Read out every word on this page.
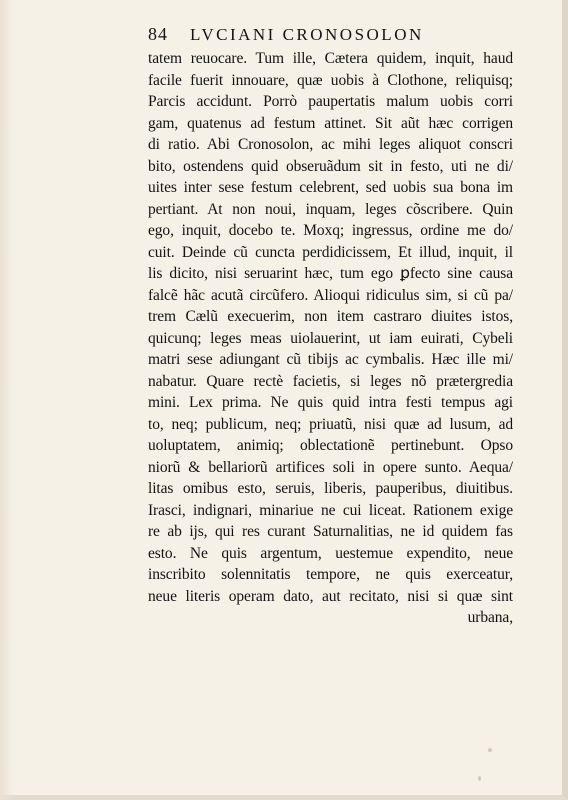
84 LVCIANI CRONOSOLON
tatem reuocare. Tum ille, Cætera quidem, inquit, haud
facile fuerit innouare, quæ uobis à Clothone, reliquisq;
Parcis accidunt. Porrò paupertatis malum uobis corri
gam, quatenus ad festum attinet. Sit aũt hæc corrigen
di ratio. Abi Cronosolon, ac mihi leges aliquot conscri
bito, ostendens quid obseruãdum sit in festo, uti ne di/
uites inter sese festum celebrent, sed uobis sua bona im
pertiant. At non noui, inquam, leges cõscribere. Quin
ego, inquit, docebo te. Moxq; ingressus, ordine me do/
cuit. Deinde cũ cuncta perdidicissem, Et illud, inquit, il
lis dicito, nisi seruarint hæc, tum ego ꝑfecto sine causa
falcẽ hãc acutã circũfero. Alioqui ridiculus sim, si cũ pa/
trem Cælũ execuerim, non item castraro diuites istos,
quicunq; leges meas uiolauerint, ut iam euirati, Cybeli
matri sese adiungant cũ tibijs ac cymbalis. Hæc ille mi/
nabatur. Quare rectè facietis, si leges nõ prætergredia
mini. Lex prima. Ne quis quid intra festi tempus agi
to, neq; publicum, neq; priuatũ, nisi quæ ad lusum, ad
uoluptatem, animiq; oblectationẽ pertinebunt. Opso
niorũ & bellariorũ artifices soli in opere sunto. Aequa/
litas omibus esto, seruis, liberis, pauperibus, diuitibus.
Irasci, indignari, minariue ne cui liceat. Rationem exige
re ab ijs, qui res curant Saturnalitias, ne id quidem fas
esto. Ne quis argentum, uestemue expendito, neue
inscribito solennitatis tempore, ne quis exerceatur,
neue literis operam dato, aut recitato, nisi si quæ sint
urbana,
